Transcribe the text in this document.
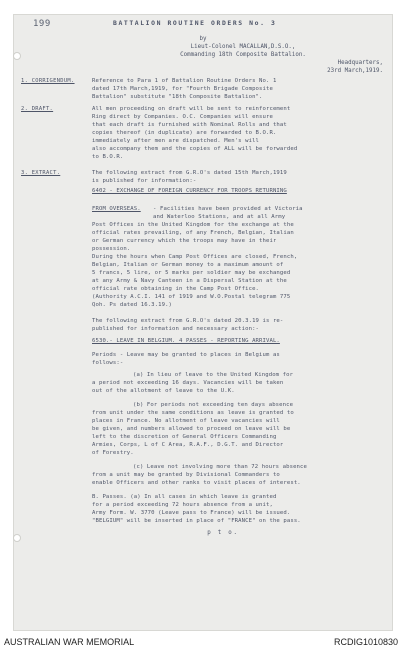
199	BATTALION ROUTINE ORDERS No. 3
by
Lieut-Colonel MACALLAN,D.S.O.,
Commanding 18th Composite Battalion.
Headquarters,
23rd March,1919.
1. CORRIGENDUM.	Reference to Para 1 of Battalion Routine Orders No. 1
dated 17th March,1919, for "Fourth Brigade Composite
Battalion" substitute "18th Composite Battalion".
2. DRAFT.	All men proceeding on draft will be sent to reinforcement
Ring direct by Companies. O.C. Companies will ensure
that each draft is furnished with Nominal Rolls and that
copies thereof (in duplicate) are forwarded to B.O.R.
immediately after men are dispatched. Men's will
also accompany them and the copies of ALL will be forwarded
to B.O.R.
3. EXTRACT.	The following extract from G.R.O's dated 15th March,1919
is published for information:-
6402 - EXCHANGE OF FOREIGN CURRENCY FOR TROOPS RETURNING
FROM OVERSEAS. - Facilities have been provided at Victoria
and Waterloo Stations, and at all Army
Post Offices in the United Kingdom for the exchange at the
official rates prevailing, of any French, Belgian, Italian
or German currency which the troops may have in their
possession.
During the hours when Camp Post Offices are closed, French,
Belgian, Italian or German money to a maximum amount of
5 francs, 5 lire, or 5 marks per soldier may be exchanged
at any Army & Navy Canteen in a Dispersal Station at the
official rate obtaining in the Camp Post Office.
(Authority A.C.I. 141 of 1919 and W.O.Postal telegram 775
Qoh. Ps dated 16.3.19.)
The following extract from G.R.O's dated 20.3.19 is re-
published for information and necessary action:-
6530.- LEAVE IN BELGIUM. 4 PASSES - REPORTING ARRIVAL.
Periods - Leave may be granted to places in Belgium as
follows:-
(a) In lieu of leave to the United Kingdom for
a period not exceeding 16 days. Vacancies will be taken
out of the allotment of leave to the U.K.
(b) For periods not exceeding ten days absence
from unit under the same conditions as leave is granted to
places in France. No allotment of leave vacancies will
be given, and numbers allowed to proceed on leave will be
left to the discretion of General Officers Commanding
Armies, Corps, L of C Area, R.A.F., D.G.T. and Director
of Forestry.
(c) Leave not involving more than 72 hours absence
from a unit may be granted by Divisional Commanders to
enable Officers and other ranks to visit places of interest.
B. Passes. (a) In all cases in which leave is granted
for a period exceeding 72 hours absence from a unit,
Army Form. W. 3770 (Leave pass to France) will be issued.
"BELGIUM" will be inserted in place of "FRANCE" on the pass.
p t o.
AUSTRALIAN WAR MEMORIAL	RCDIG1010830
